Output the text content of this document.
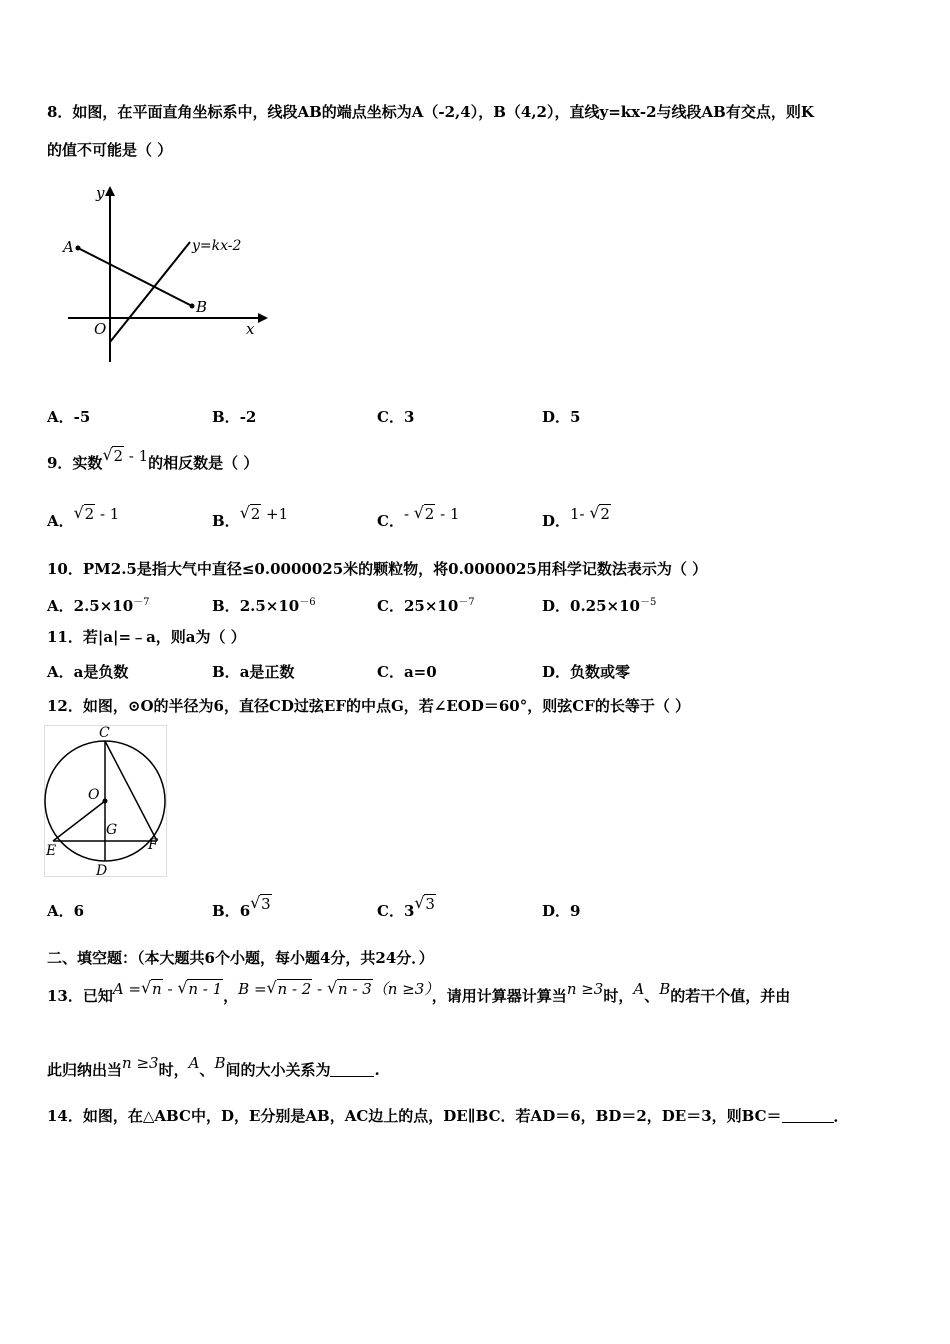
8．如图，在平面直角坐标系中，线段AB的端点坐标为A（-2,4），B（4,2），直线y=kx-2与线段AB有交点，则K
的值不可能是（ ）
y
x
O
A
B
y=kx-2
A．-5	B．-2	C．3	D．5
9．实数 √ 2 - 1的相反数是（ ）
A． √ 2 - 1	B． √ 2 +1	C．- √ 2 - 1	D．1- √ 2
10．PM2.5是指大气中直径≤0.0000025米的颗粒物，将0.0000025用科学记数法表示为（ ）
A．$2.5\times 10^{-7}$	B．$2.5\times 10^{-6}$	C．$25\times 10^{-7}$	D．$0.25\times 10^{-5}$
11．若|a|=﹣a，则a为（ ）
A．a是负数	B．a是正数	C．a=0	D．负数或零
12．如图，⊙O的半径为6，直径CD过弦EF的中点G，若∠EOD＝60°，则弦CF的长等于（ ）
C
O
G
E	F
D
A．6	B．6 √ 3	C．3 √ 3	D．9
二、填空题：（本大题共6个小题，每小题4分，共24分．）
13．已知A = √ n - √ n - 1，B = √ n - 2 - √ n - 3（n ≥3），请用计算器计算当n ≥3时，A、B的若干个值，并由
此归纳出当n ≥3时，A、B间的大小关系为	.
14．如图，在△ABC中，D，E分别是AB，AC边上的点，DE∥BC．若AD＝6，BD＝2，DE＝3，则BC＝	．
